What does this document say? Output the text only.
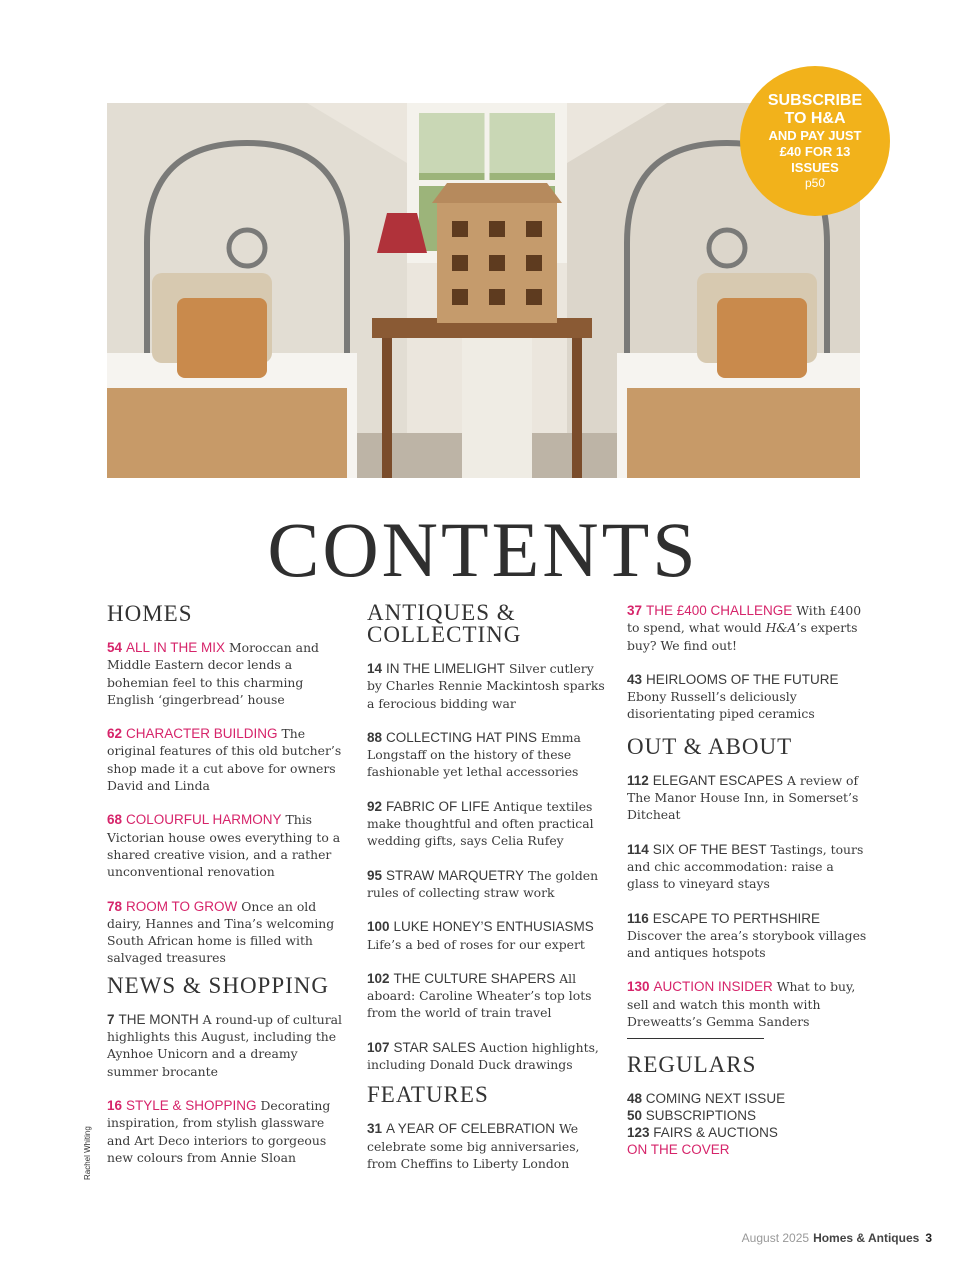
SUBSCRIBE
TO H&A
AND PAY JUST
£40 FOR 13
ISSUES
p50
CONTENTS
HOMES
54 ALL IN THE MIX Moroccan and Middle Eastern decor lends a bohemian feel to this charming English ‘gingerbread’ house
62 CHARACTER BUILDING The original features of this old butcher’s shop made it a cut above for owners David and Linda
68 COLOURFUL HARMONY This Victorian house owes everything to a shared creative vision, and a rather unconventional renovation
78 ROOM TO GROW Once an old dairy, Hannes and Tina’s welcoming South African home is filled with salvaged treasures
NEWS & SHOPPING
7 THE MONTH A round-up of cultural highlights this August, including the Aynhoe Unicorn and a dreamy summer brocante
16 STYLE & SHOPPING Decorating inspiration, from stylish glassware and Art Deco interiors to gorgeous new colours from Annie Sloan
ANTIQUES &
COLLECTING
14 IN THE LIMELIGHT Silver cutlery by Charles Rennie Mackintosh sparks a ferocious bidding war
88 COLLECTING HAT PINS Emma Longstaff on the history of these fashionable yet lethal accessories
92 FABRIC OF LIFE Antique textiles make thoughtful and often practical wedding gifts, says Celia Rufey
95 STRAW MARQUETRY The golden rules of collecting straw work
100 LUKE HONEY’S ENTHUSIASMS Life’s a bed of roses for our expert
102 THE CULTURE SHAPERS All aboard: Caroline Wheater’s top lots from the world of train travel
107 STAR SALES Auction highlights, including Donald Duck drawings
FEATURES
31 A YEAR OF CELEBRATION We celebrate some big anniversaries, from Cheffins to Liberty London
37 THE £400 CHALLENGE With £400 to spend, what would H&A’s experts buy? We find out!
43 HEIRLOOMS OF THE FUTURE Ebony Russell’s deliciously disorientating piped ceramics
OUT & ABOUT
112 ELEGANT ESCAPES A review of The Manor House Inn, in Somerset’s Ditcheat
114 SIX OF THE BEST Tastings, tours and chic accommodation: raise a glass to vineyard stays
116 ESCAPE TO PERTHSHIRE Discover the area’s storybook villages and antiques hotspots
130 AUCTION INSIDER What to buy, sell and watch this month with Dreweatts’s Gemma Sanders
REGULARS
48 COMING NEXT ISSUE
50 SUBSCRIPTIONS
123 FAIRS & AUCTIONS
ON THE COVER
Rachel Whiting
August 2025 Homes & Antiques 3
